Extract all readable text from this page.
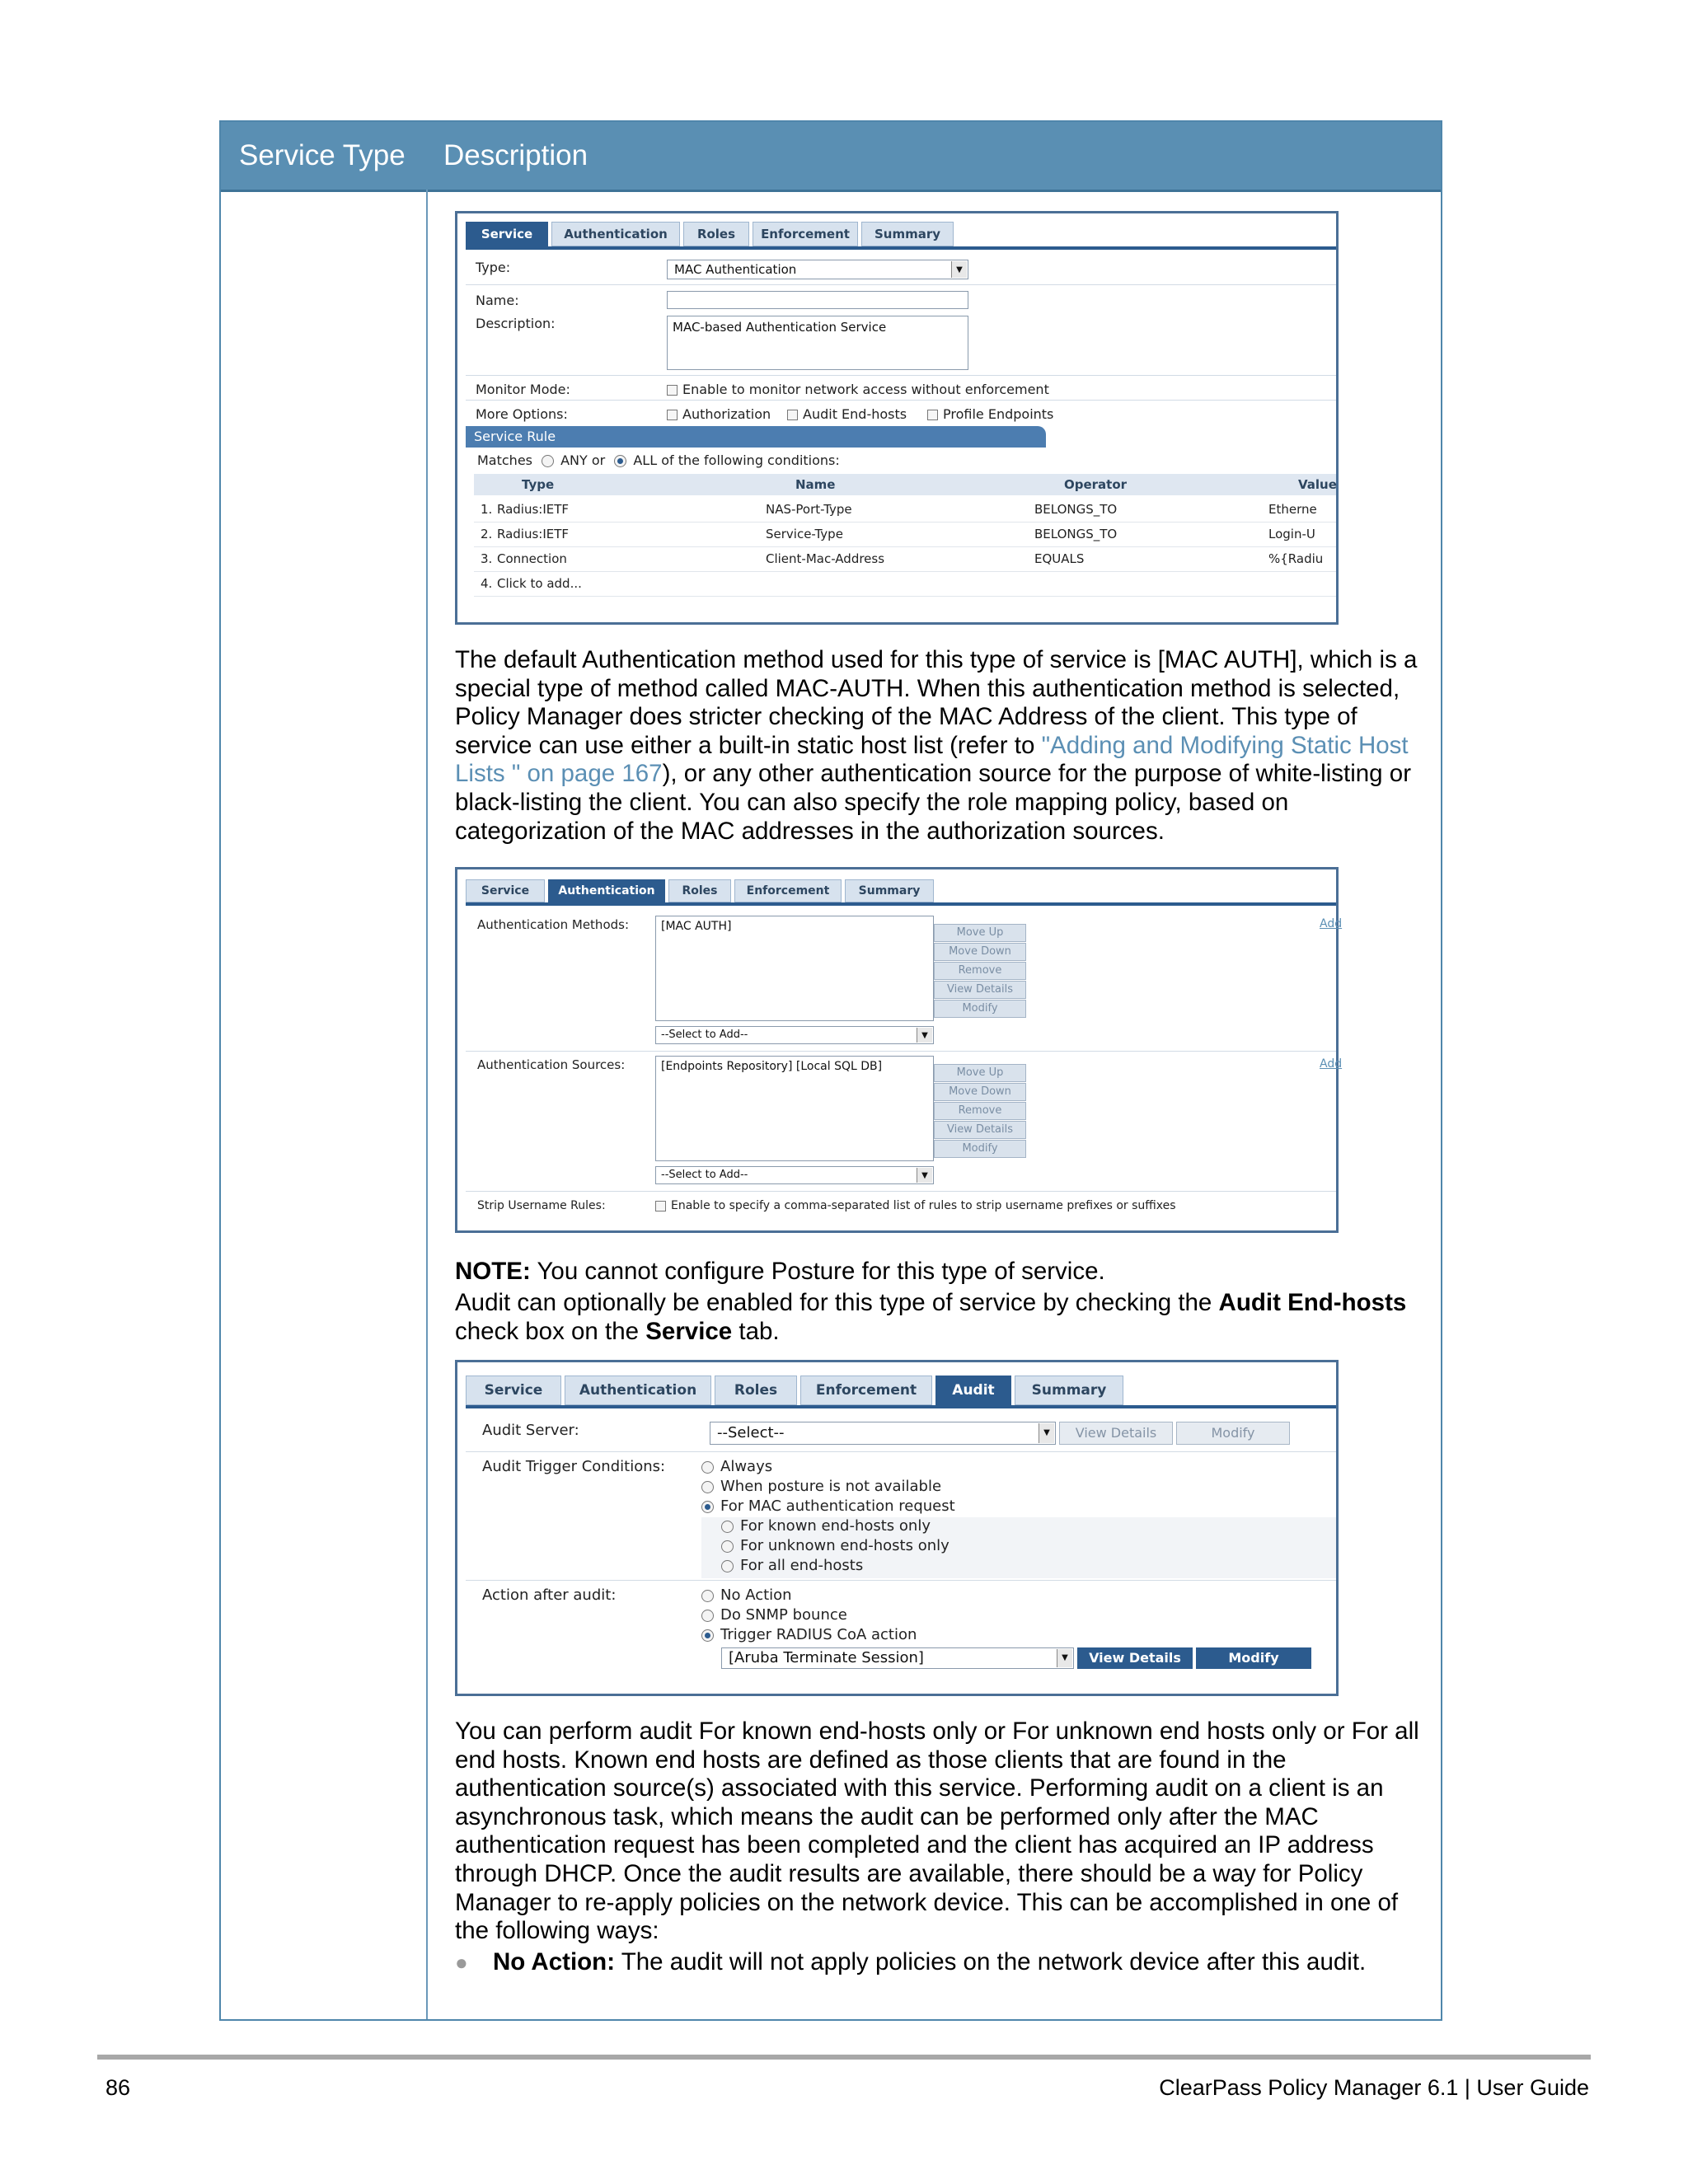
Service Type Description
Service	Authentication	Roles	Enforcement	Summary
Type:	MAC Authentication	▼
Name:
Description:	MAC-based Authentication Service
Monitor Mode:	Enable to monitor network access without enforcement
More Options:	Authorization	Audit End-hosts	Profile Endpoints
Service Rule
Matches ANY or ALL of the following conditions:
Type	Name	Operator	Value
1. Radius:IETF	NAS-Port-Type	BELONGS_TO	Etherne
2. Radius:IETF	Service-Type	BELONGS_TO	Login-U
3. Connection	Client-Mac-Address	EQUALS	%{Radiu
4. Click to add...
The default Authentication method used for this type of service is [MAC AUTH], which is a special type of method called MAC-AUTH. When this authentication method is selected, Policy Manager does stricter checking of the MAC Address of the client. This type of service can use either a built-in static host list (refer to "Adding and Modifying Static Host Lists " on page 167), or any other authentication source for the purpose of white-listing or black-listing the client. You can also specify the role mapping policy, based on categorization of the MAC addresses in the authorization sources.
Service	Authentication	Roles	Enforcement	Summary
Authentication Methods:	[MAC AUTH]
--Select to Add--	▼
Move Up
Move Down
Remove
View Details
Modify
Add
Authentication Sources:	[Endpoints Repository] [Local SQL DB]
--Select to Add--	▼
Move Up
Move Down
Remove
View Details
Modify
Add
Strip Username Rules:	Enable to specify a comma-separated list of rules to strip username prefixes or suffixes
NOTE: You cannot configure Posture for this type of service.
Audit can optionally be enabled for this type of service by checking the Audit End-hosts check box on the Service tab.
Service	Authentication	Roles	Enforcement	Audit	Summary
Audit Server:	--Select--	▼	View Details	Modify
Audit Trigger Conditions:	Always
When posture is not available
For MAC authentication request
For known end-hosts only
For unknown end-hosts only
For all end-hosts
Action after audit:	No Action
Do SNMP bounce
Trigger RADIUS CoA action
[Aruba Terminate Session]	▼	View Details	Modify
You can perform audit For known end-hosts only or For unknown end hosts only or For all end hosts. Known end hosts are defined as those clients that are found in the authentication source(s) associated with this service. Performing audit on a client is an asynchronous task, which means the audit can be performed only after the MAC authentication request has been completed and the client has acquired an IP address through DHCP. Once the audit results are available, there should be a way for Policy Manager to re-apply policies on the network device. This can be accomplished in one of the following ways:
● No Action: The audit will not apply policies on the network device after this audit.
86	ClearPass Policy Manager 6.1 | User Guide
